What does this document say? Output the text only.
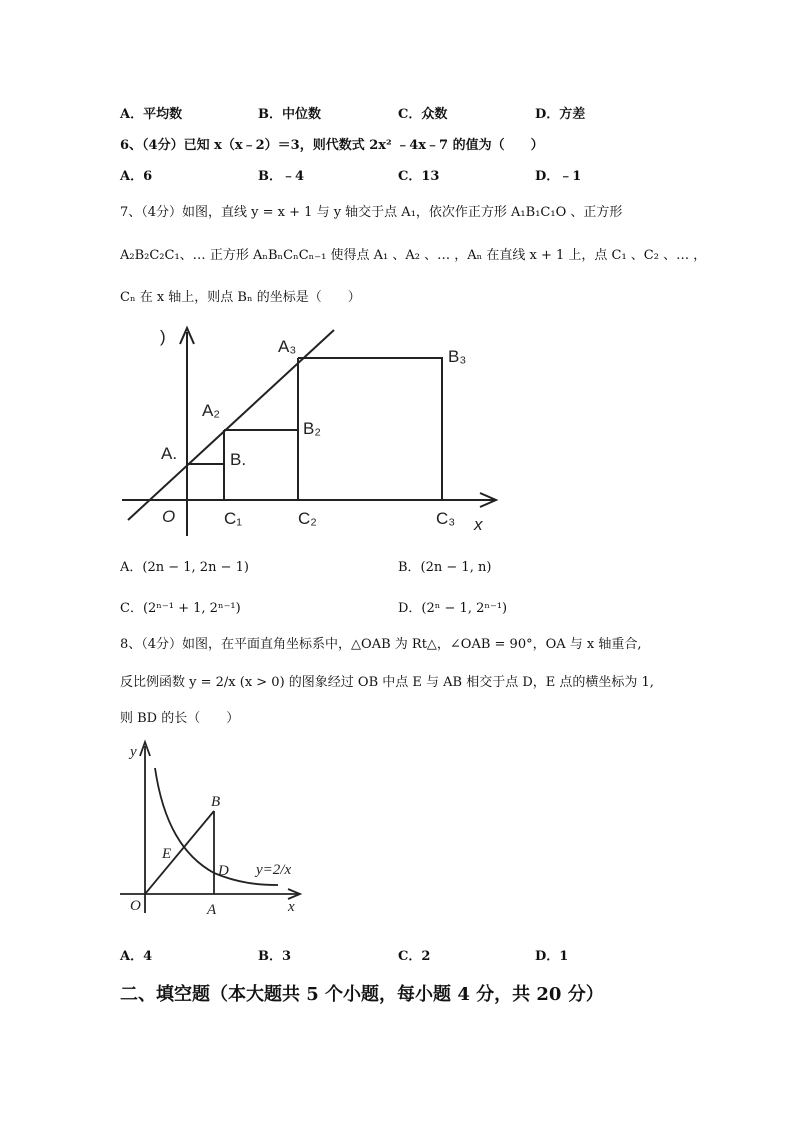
A．平均数	B．中位数	C．众数	D．方差
6、（4分）已知 x（x﹣2）＝3，则代数式 2x² ﹣4x﹣7 的值为（　　）
A．6	B．﹣4	C．13	D．﹣1
7、（4分）如图，直线 y = x + 1 与 y 轴交于点 A₁，依次作正方形 A₁B₁C₁O 、正方形
A₂B₂C₂C₁、… 正方形 AₙBₙCₙCₙ₋₁ 使得点 A₁ 、A₂ 、… ，Aₙ 在直线 x + 1 上，点 C₁ 、C₂ 、… ，
Cₙ 在 x 轴上，则点 Bₙ 的坐标是（　　）
)
A₃
B₃
A₂
B₂
A.	B.
O	C₁	C₂	C₃ x
A．(2n − 1, 2n − 1)	B．(2n − 1, n)
C．(2ⁿ⁻¹ + 1, 2ⁿ⁻¹)	D．(2ⁿ − 1, 2ⁿ⁻¹)
8、（4分）如图，在平面直角坐标系中，△OAB 为 Rt△，∠OAB = 90°，OA 与 x 轴重合,
反比例函数 y = 2/x (x > 0) 的图象经过 OB 中点 E 与 AB 相交于点 D，E 点的横坐标为 1,
则 BD 的长（　　）
y
B
E
D y=2/x
O	A	x
A．4	B．3	C．2	D．1
二、填空题（本大题共 5 个小题，每小题 4 分，共 20 分）
